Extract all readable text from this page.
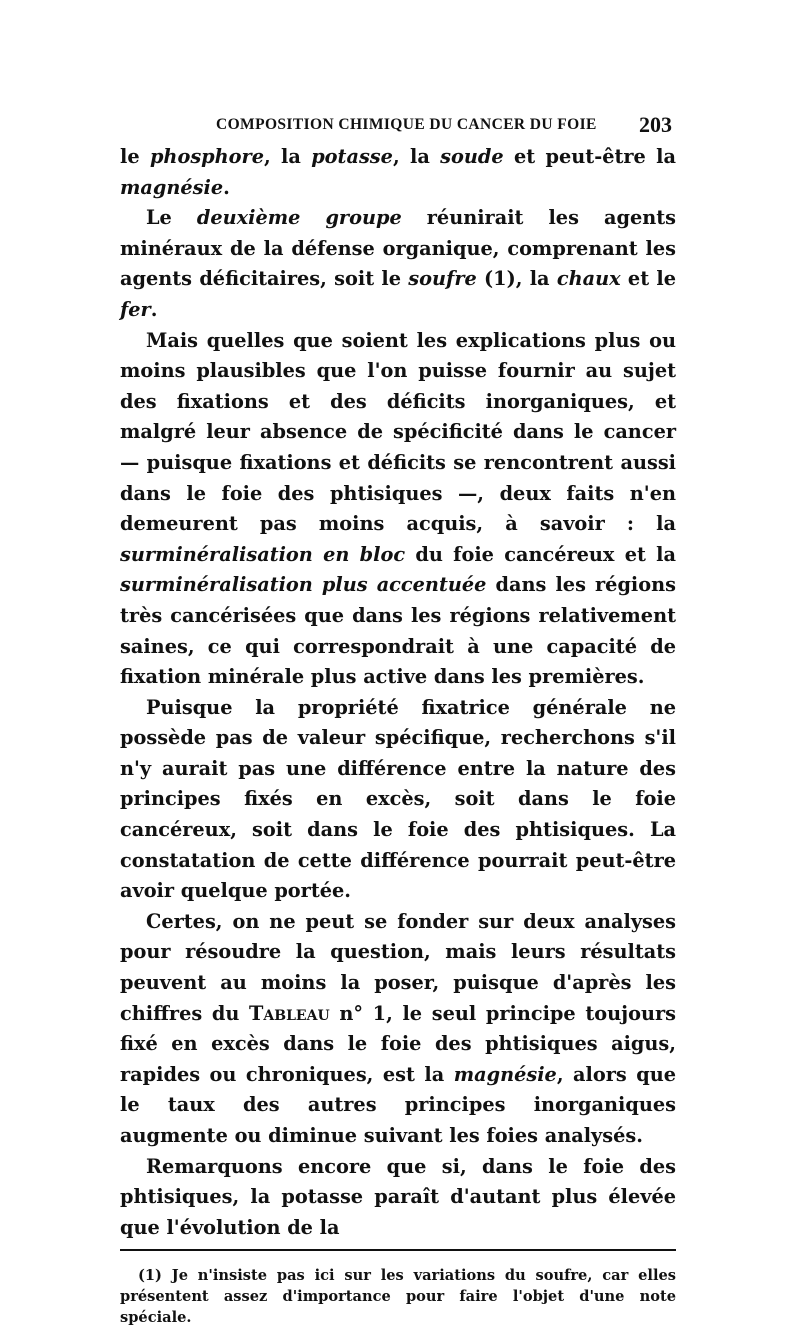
COMPOSITION CHIMIQUE DU CANCER DU FOIE 203

le phosphore, la potasse, la soude et peut-être la magnésie.

Le deuxième groupe réunirait les agents minéraux de la défense organique, comprenant les agents déficitaires, soit le soufre (1), la chaux et le fer.

Mais quelles que soient les explications plus ou moins plausibles que l'on puisse fournir au sujet des fixations et des déficits inorganiques, et malgré leur absence de spécificité dans le cancer — puisque fixations et déficits se rencontrent aussi dans le foie des phtisiques —, deux faits n'en demeurent pas moins acquis, à savoir : la surminéralisation en bloc du foie cancéreux et la surminéralisation plus accentuée dans les régions très cancérisées que dans les régions relativement saines, ce qui correspondrait à une capacité de fixation minérale plus active dans les premières.

Puisque la propriété fixatrice générale ne possède pas de valeur spécifique, recherchons s'il n'y aurait pas une différence entre la nature des principes fixés en excès, soit dans le foie cancéreux, soit dans le foie des phtisiques. La constatation de cette différence pourrait peut-être avoir quelque portée.

Certes, on ne peut se fonder sur deux analyses pour résoudre la question, mais leurs résultats peuvent au moins la poser, puisque d'après les chiffres du Tableau n° 1, le seul principe toujours fixé en excès dans le foie des phtisiques aigus, rapides ou chroniques, est la magnésie, alors que le taux des autres principes inorganiques augmente ou diminue suivant les foies analysés.

Remarquons encore que si, dans le foie des phtisiques, la potasse paraît d'autant plus élevée que l'évolution de la

(1) Je n'insiste pas ici sur les variations du soufre, car elles présentent assez d'importance pour faire l'objet d'une note spéciale.
